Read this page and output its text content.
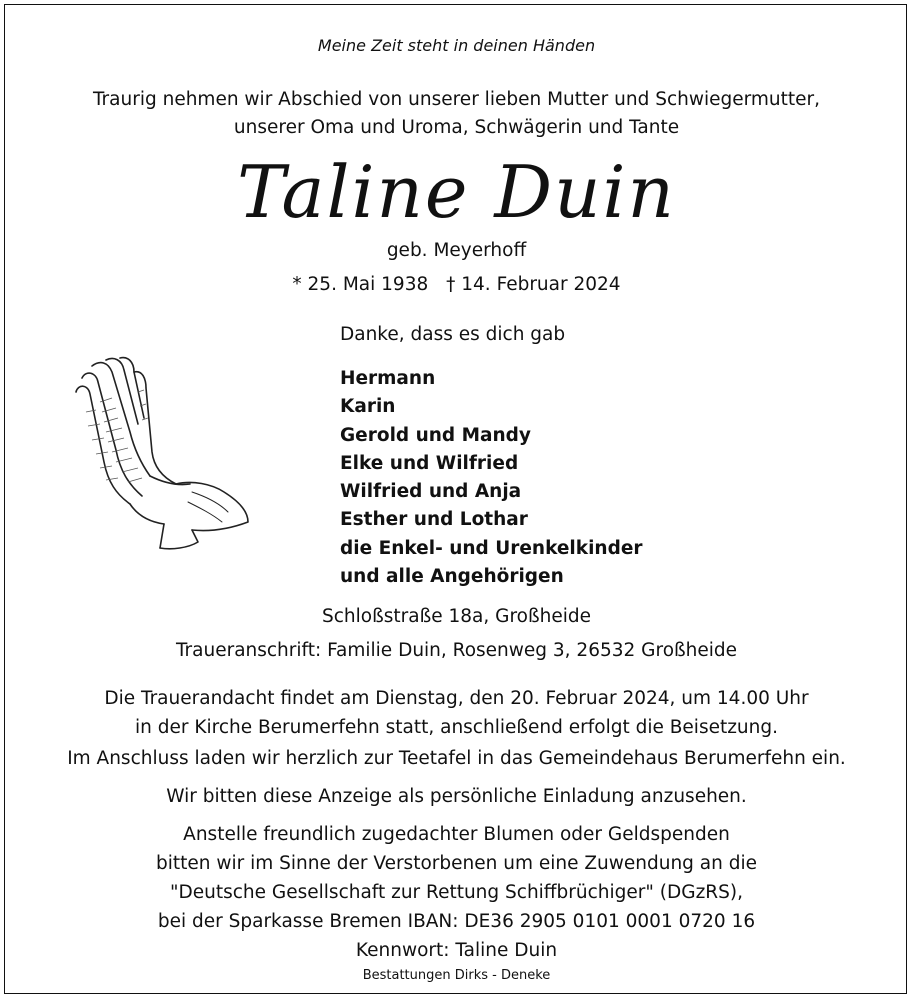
Meine Zeit steht in deinen Händen
Traurig nehmen wir Abschied von unserer lieben Mutter und Schwiegermutter,
unserer Oma und Uroma, Schwägerin und Tante
Taline Duin
geb. Meyerhoff
* 25. Mai 1938 † 14. Februar 2024
Danke, dass es dich gab
Hermann
Karin
Gerold und Mandy
Elke und Wilfried
Wilfried und Anja
Esther und Lothar
die Enkel- und Urenkelkinder
und alle Angehörigen
Schloßstraße 18a, Großheide
Traueranschrift: Familie Duin, Rosenweg 3, 26532 Großheide
Die Trauerandacht findet am Dienstag, den 20. Februar 2024, um 14.00 Uhr
in der Kirche Berumerfehn statt, anschließend erfolgt die Beisetzung.
Im Anschluss laden wir herzlich zur Teetafel in das Gemeindehaus Berumerfehn ein.
Wir bitten diese Anzeige als persönliche Einladung anzusehen.
Anstelle freundlich zugedachter Blumen oder Geldspenden
bitten wir im Sinne der Verstorbenen um eine Zuwendung an die
"Deutsche Gesellschaft zur Rettung Schiffbrüchiger" (DGzRS),
bei der Sparkasse Bremen IBAN: DE36 2905 0101 0001 0720 16
Kennwort: Taline Duin
Bestattungen Dirks - Deneke
